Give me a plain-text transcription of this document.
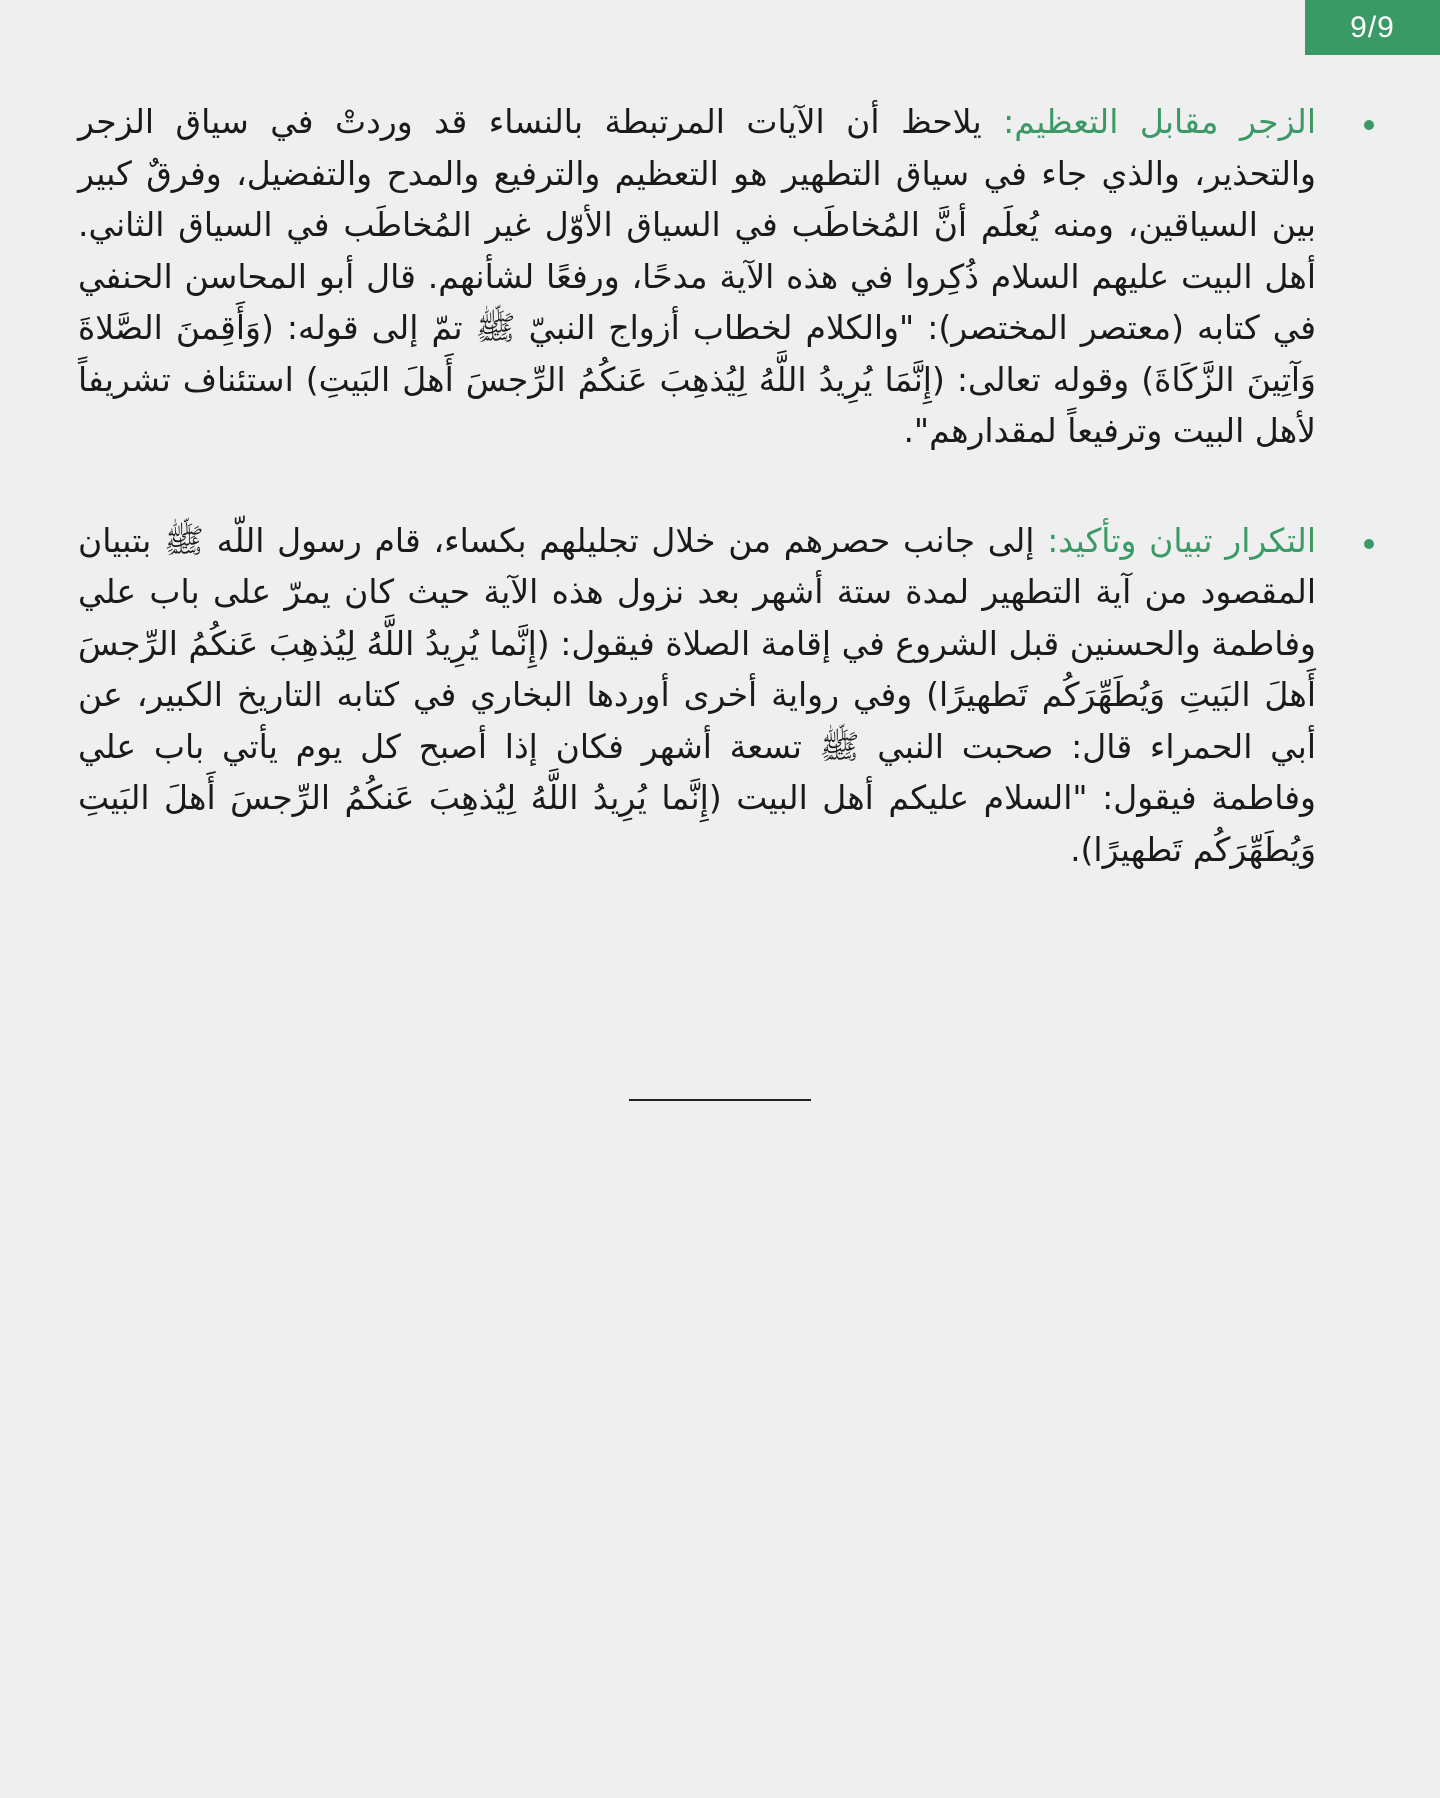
9/9

الزجر مقابل التعظيم: يلاحظ أن الآيات المرتبطة بالنساء قد وردتْ في سياق الزجر والتحذير، والذي جاء في سياق التطهير هو التعظيم والترفيع والمدح والتفضيل، وفرقٌ كبير بين السياقين، ومنه يُعلَم أنَّ المُخاطَب في السياق الأوّل غير المُخاطَب في السياق الثاني. أهل البيت عليهم السلام ذُكِروا في هذه الآية مدحًا، ورفعًا لشأنهم. قال أبو المحاسن الحنفي في كتابه (معتصر المختصر): "والكلام لخطاب أزواج النبيّ ﷺ تمّ إلى قوله: (وَأَقِمنَ الصَّلاةَ وَآتِينَ الزَّكَاةَ) وقوله تعالى: (إِنَّمَا يُرِيدُ اللَّهُ لِيُذهِبَ عَنكُمُ الرِّجسَ أَهلَ البَيتِ) استئناف تشريفاً لأهل البيت وترفيعاً لمقدارهم".

التكرار تبيان وتأكيد: إلى جانب حصرهم من خلال تجليلهم بكساء، قام رسول اللّه ﷺ بتبيان المقصود من آية التطهير لمدة ستة أشهر بعد نزول هذه الآية حيث كان يمرّ على باب علي وفاطمة والحسنين قبل الشروع في إقامة الصلاة فيقول: (إِنَّما يُرِيدُ اللَّهُ لِيُذهِبَ عَنكُمُ الرِّجسَ أَهلَ البَيتِ وَيُطَهِّرَكُم تَطهيرًا) وفي رواية أخرى أوردها البخاري في كتابه التاريخ الكبير، عن أبي الحمراء قال: صحبت النبي ﷺ تسعة أشهر فكان إذا أصبح كل يوم يأتي باب علي وفاطمة فيقول: "السلام عليكم أهل البيت (إِنَّما يُرِيدُ اللَّهُ لِيُذهِبَ عَنكُمُ الرِّجسَ أَهلَ البَيتِ وَيُطَهِّرَكُم تَطهيرًا).
